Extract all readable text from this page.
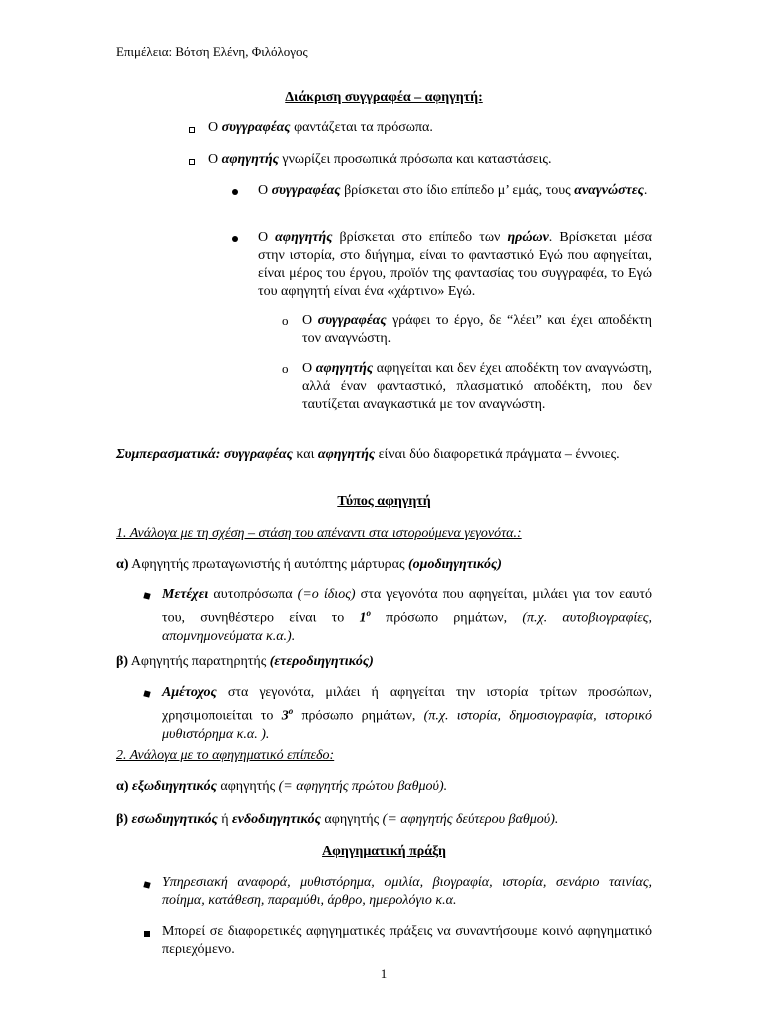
Επιμέλεια: Βότση Ελένη, Φιλόλογος
Διάκριση συγγραφέα – αφηγητή:
Ο συγγραφέας φαντάζεται τα πρόσωπα.
Ο αφηγητής γνωρίζει προσωπικά πρόσωπα και καταστάσεις.
Ο συγγραφέας βρίσκεται στο ίδιο επίπεδο μ’ εμάς, τους αναγνώστες.
Ο αφηγητής βρίσκεται στο επίπεδο των ηρώων. Βρίσκεται μέσα στην ιστορία, στο διήγημα, είναι το φανταστικό Εγώ που αφηγείται, είναι μέρος του έργου, προϊόν της φαντασίας του συγγραφέα, το Εγώ του αφηγητή είναι ένα «χάρτινο» Εγώ.
o Ο συγγραφέας γράφει το έργο, δε “λέει” και έχει αποδέκτη τον αναγνώστη.
o Ο αφηγητής αφηγείται και δεν έχει αποδέκτη τον αναγνώστη, αλλά έναν φανταστικό, πλασματικό αποδέκτη, που δεν ταυτίζεται αναγκαστικά με τον αναγνώστη.
Συμπερασματικά: συγγραφέας και αφηγητής είναι δύο διαφορετικά πράγματα – έννοιες.
Τύπος αφηγητή
1. Ανάλογα με τη σχέση – στάση του απέναντι στα ιστορούμενα γεγονότα.:
α) Αφηγητής πρωταγωνιστής ή αυτόπτης μάρτυρας (ομοδιηγητικός)
Μετέχει αυτοπρόσωπα (=ο ίδιος) στα γεγονότα που αφηγείται, μιλάει για τον εαυτό του, συνηθέστερο είναι το $1^o$ πρόσωπο ρημάτων, (π.χ. αυτοβιογραφίες, απομνημονεύματα κ.α.).
β) Αφηγητής παρατηρητής (ετεροδιηγητικός)
Αμέτοχος στα γεγονότα, μιλάει ή αφηγείται την ιστορία τρίτων προσώπων, χρησιμοποιείται το $3^o$ πρόσωπο ρημάτων, (π.χ. ιστορία, δημοσιογραφία, ιστορικό μυθιστόρημα κ.α. ).
2. Ανάλογα με το αφηγηματικό επίπεδο:
α) εξωδιηγητικός αφηγητής (= αφηγητής πρώτου βαθμού).
β) εσωδιηγητικός ή ενδοδιηγητικός αφηγητής (= αφηγητής δεύτερου βαθμού).
Αφηγηματική πράξη
Υπηρεσιακή αναφορά, μυθιστόρημα, ομιλία, βιογραφία, ιστορία, σενάριο ταινίας, ποίημα, κατάθεση, παραμύθι, άρθρο, ημερολόγιο κ.α.
Μπορεί σε διαφορετικές αφηγηματικές πράξεις να συναντήσουμε κοινό αφηγηματικό περιεχόμενο.
1
